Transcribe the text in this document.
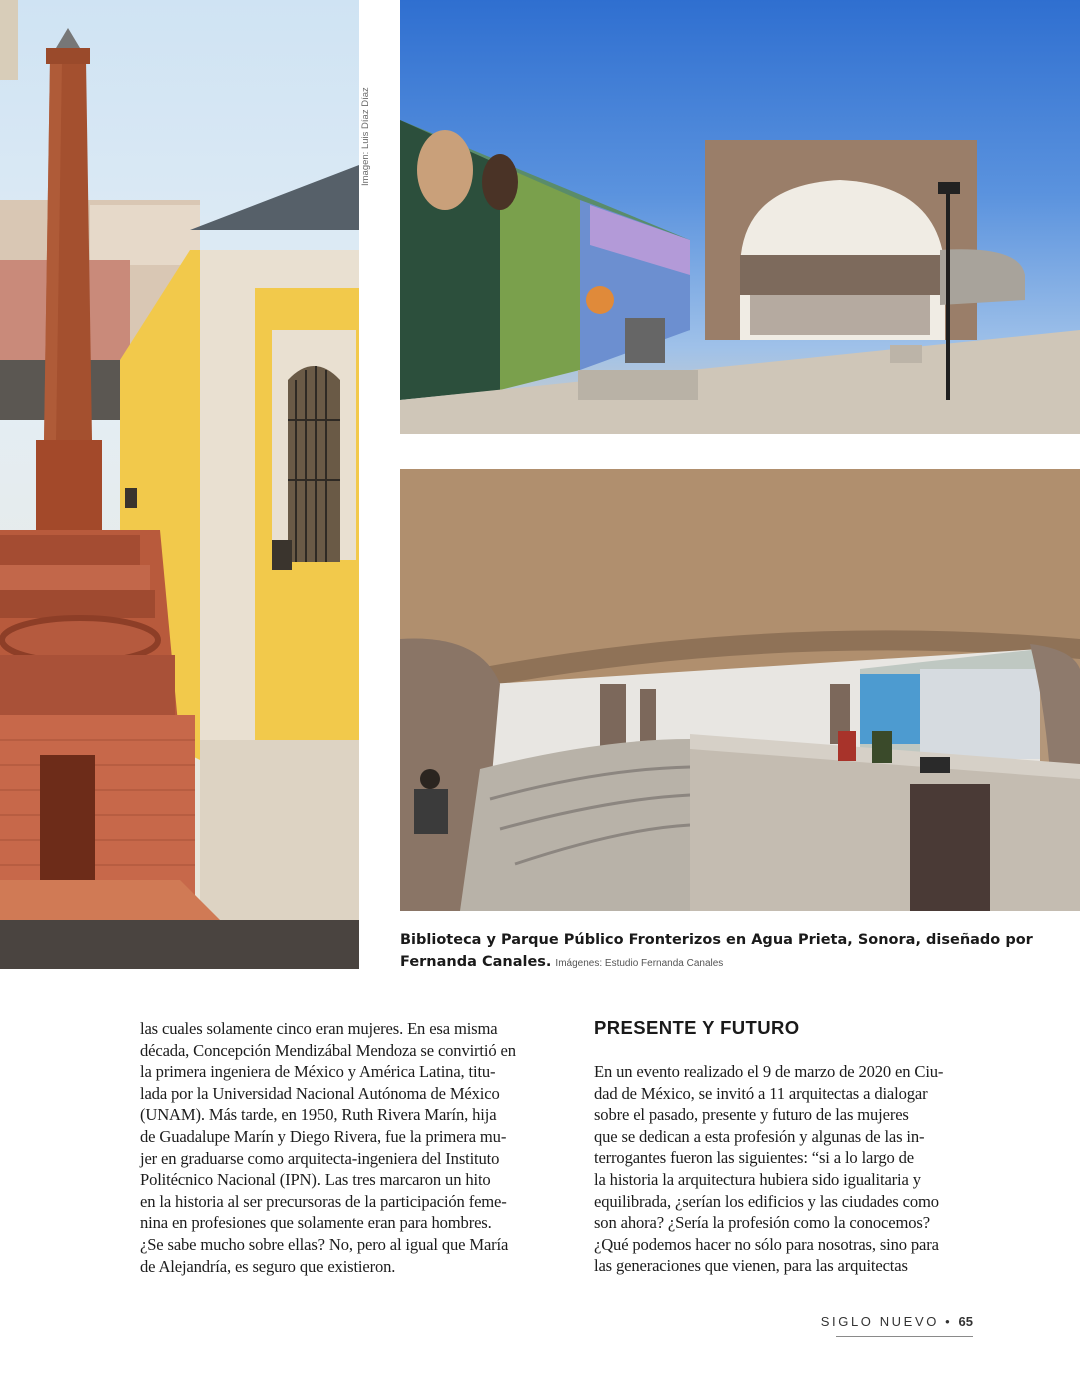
Imagen: Luis Díaz Díaz
Biblioteca y Parque Público Fronterizos en Agua Prieta, Sonora, diseñado por Fernanda Canales. Imágenes: Estudio Fernanda Canales
las cuales solamente cinco eran mujeres. En esa misma
década, Concepción Mendizábal Mendoza se convirtió en
la primera ingeniera de México y América Latina, titu-
lada por la Universidad Nacional Autónoma de México
(UNAM). Más tarde, en 1950, Ruth Rivera Marín, hija
de Guadalupe Marín y Diego Rivera, fue la primera mu-
jer en graduarse como arquitecta-ingeniera del Instituto
Politécnico Nacional (IPN). Las tres marcaron un hito
en la historia al ser precursoras de la participación feme-
nina en profesiones que solamente eran para hombres.
¿Se sabe mucho sobre ellas? No, pero al igual que María
de Alejandría, es seguro que existieron.
PRESENTE Y FUTURO
En un evento realizado el 9 de marzo de 2020 en Ciu-
dad de México, se invitó a 11 arquitectas a dialogar
sobre el pasado, presente y futuro de las mujeres
que se dedican a esta profesión y algunas de las in-
terrogantes fueron las siguientes: “si a lo largo de
la historia la arquitectura hubiera sido igualitaria y
equilibrada, ¿serían los edificios y las ciudades como
son ahora? ¿Sería la profesión como la conocemos?
¿Qué podemos hacer no sólo para nosotras, sino para
las generaciones que vienen, para las arquitectas
SIGLO NUEVO • 65
